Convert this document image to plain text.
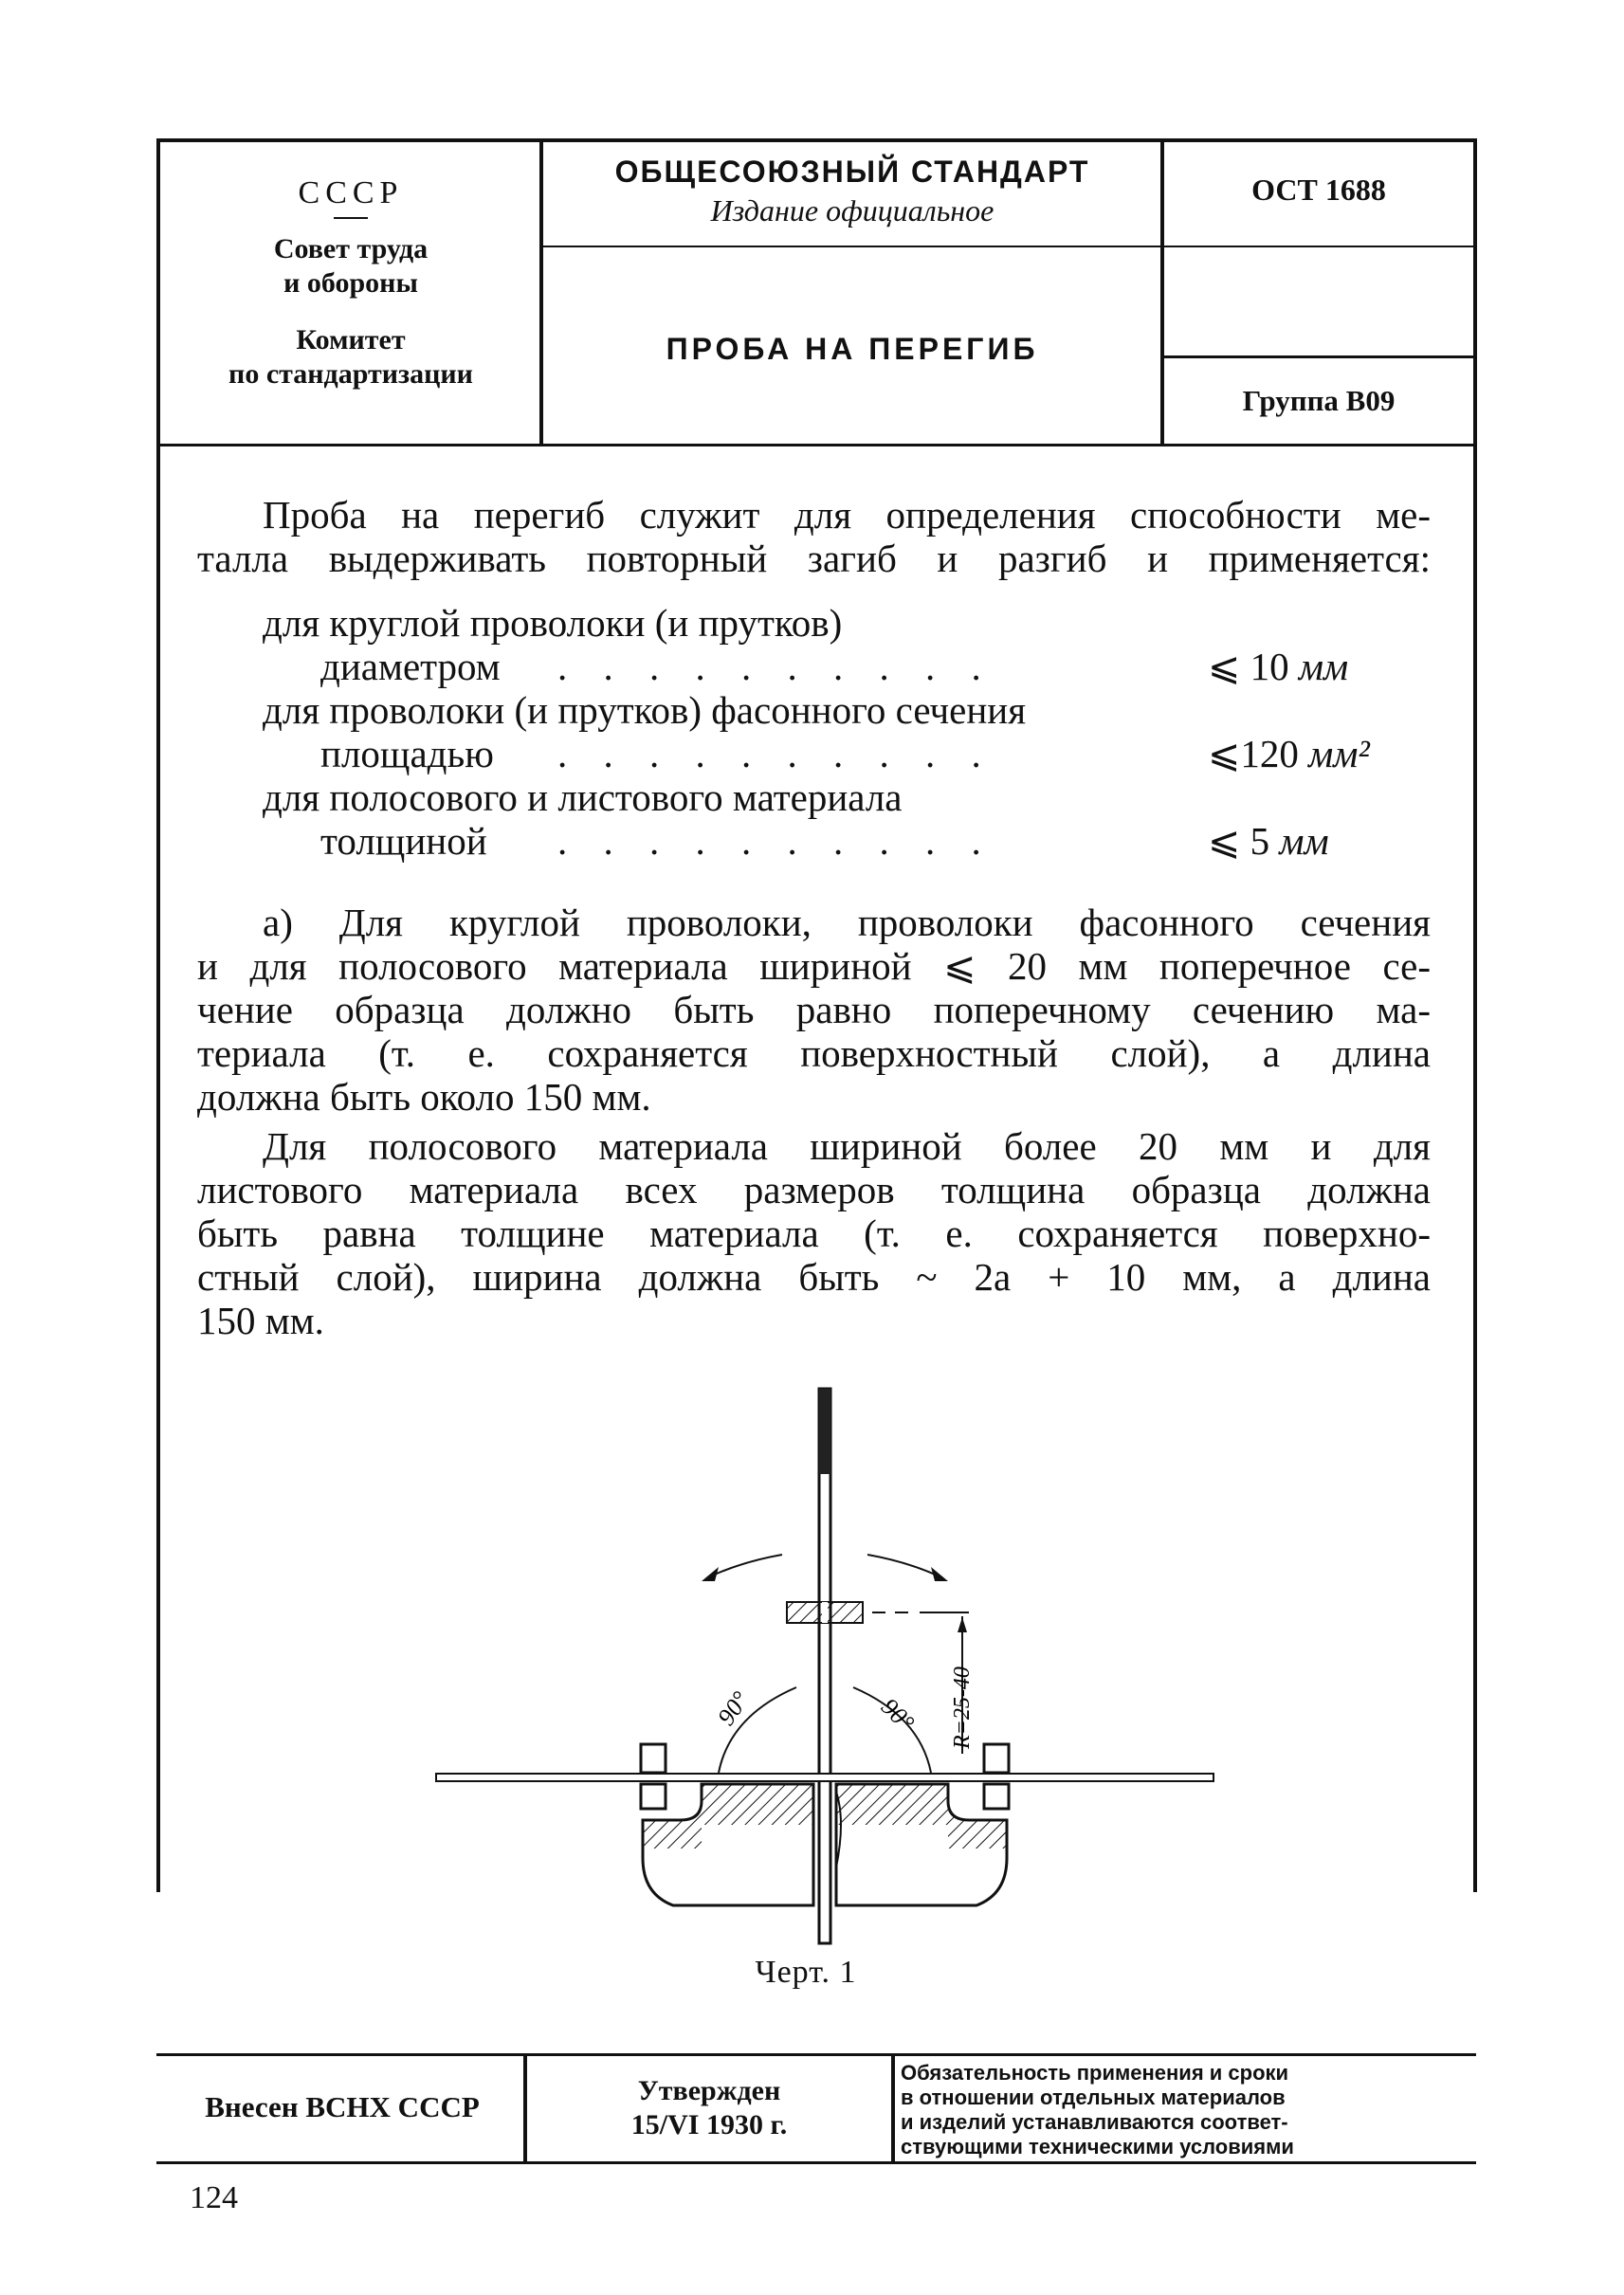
СССР
Совет труда
и обороны
Комитет
по стандартизации
ОБЩЕСОЮЗНЫЙ СТАНДАРТ
Издание официальное
ПРОБА НА ПЕРЕГИБ
ОСТ 1688
Группа В09
Проба на перегиб служит для определения способности ме-
талла выдерживать повторный загиб и разгиб и применяется:
для круглой проволоки (и прутков)
диаметром . . . . . . . . . .	⩽ 10 мм
для проволоки (и прутков) фасонного сечения
площадью . . . . . . . . . .	⩽120 мм²
для полосового и листового материала
толщиной . . . . . . . . . .	⩽ 5 мм
а) Для круглой проволоки, проволоки фасонного сечения
и для полосового материала шириной ⩽ 20 мм поперечное се-
чение образца должно быть равно поперечному сечению ма-
териала (т. е. сохраняется поверхностный слой), а длина
должна быть около 150 мм.
Для полосового материала шириной более 20 мм и для
листового материала всех размеров толщина образца должна
быть равна толщине материала (т. е. сохраняется поверхно-
стный слой), ширина должна быть ~ 2a + 10 мм, а длина
150 мм.
R=25-40
90°	90°
Черт. 1
Внесен ВСНХ СССР	Утвержден
15/VI 1930 г.
Обязательность применения и сроки
в отношении отдельных материалов
и изделий устанавливаются соответ-
ствующими техническими условиями
124
